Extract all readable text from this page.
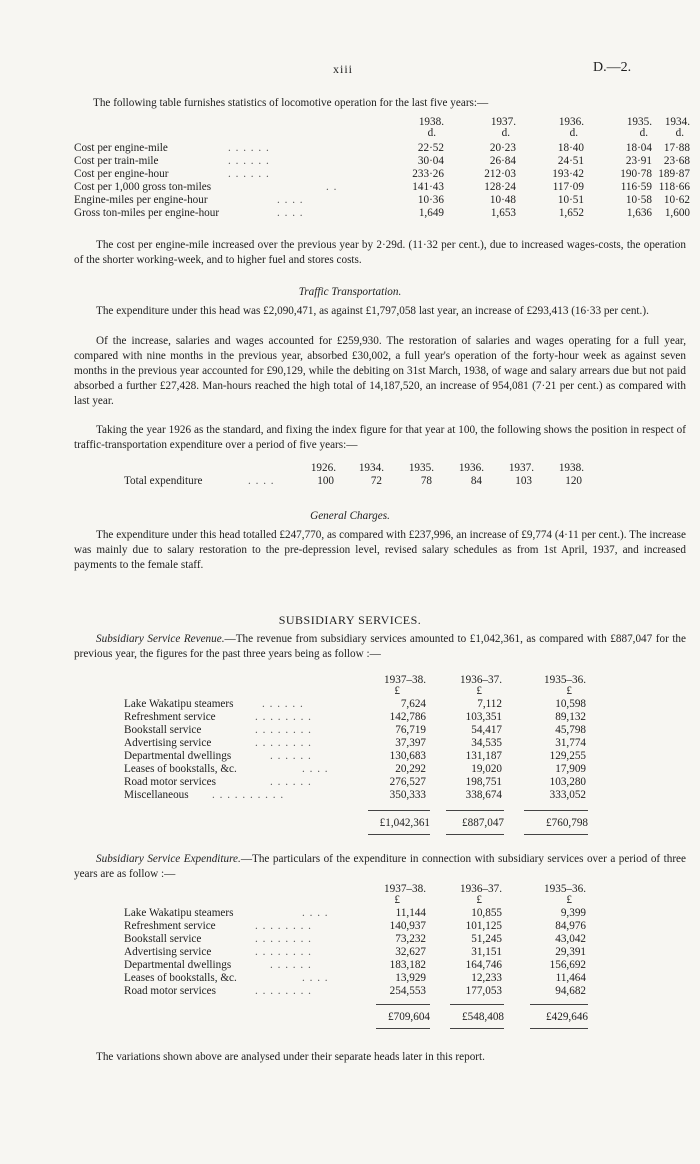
xiii	D.—2.
The following table furnishes statistics of locomotive operation for the last five years:—
1938.	1937.	1936.	1935.	1934.
d.	d.	d.	d.	d.
Cost per engine-mile	. . . . . .	22·52	20·23	18·40	18·04	17·88
Cost per train-mile	. . . . . .	30·04	26·84	24·51	23·91	23·68
Cost per engine-hour	. . . . . .	233·26	212·03	193·42	190·78 189·87
Cost per 1,000 gross ton-miles	. .	141·43	128·24	117·09	116·59 118·66
Engine-miles per engine-hour	. . . .	10·36	10·48	10·51	10·58	10·62
Gross ton-miles per engine-hour	. . . .	1,649	1,653	1,652	1,636	1,600
The cost per engine-mile increased over the previous year by 2·29d. (11·32 per cent.), due to increased wages-costs, the operation of the shorter working-week, and to higher fuel and stores costs.
Traffic Transportation.
The expenditure under this head was £2,090,471, as against £1,797,058 last year, an increase of £293,413 (16·33 per cent.).
Of the increase, salaries and wages accounted for £259,930. The restoration of salaries and wages operating for a full year, compared with nine months in the previous year, absorbed £30,002, a full year's operation of the forty-hour week as against seven months in the previous year accounted for £90,129, while the debiting on 31st March, 1938, of wage and salary arrears due but not paid absorbed a further £27,428. Man-hours reached the high total of 14,187,520, an increase of 954,081 (7·21 per cent.) as compared with last year.
Taking the year 1926 as the standard, and fixing the index figure for that year at 100, the following shows the position in respect of traffic-transportation expenditure over a period of five years:—
1926.	1934.	1935.	1936.	1937.	1938.
Total expenditure	. . . .	100	72	78	84	103	120
General Charges.
The expenditure under this head totalled £247,770, as compared with £237,996, an increase of £9,774 (4·11 per cent.). The increase was mainly due to salary restoration to the pre-depression level, revised salary schedules as from 1st April, 1937, and increased payments to the female staff.
SUBSIDIARY SERVICES.
Subsidiary Service Revenue.—The revenue from subsidiary services amounted to £1,042,361, as compared with £887,047 for the previous year, the figures for the past three years being as follow :—
1937–38.	1936–37.	1935–36.
£	£	£
Lake Wakatipu steamers	. . . . . .	7,624	7,112	10,598
Refreshment service	. . . . . . . .	142,786	103,351	89,132
Bookstall service	. . . . . . . .	76,719	54,417	45,798
Advertising service	. . . . . . . .	37,397	34,535	31,774
Departmental dwellings	. . . . . .	130,683	131,187	129,255
Leases of bookstalls, &c.	. . . .	20,292	19,020	17,909
Road motor services	. . . . . .	276,527	198,751	103,280
Miscellaneous . . . . . . . . . .	350,333	338,674	333,052
£1,042,361	£887,047	£760,798
Subsidiary Service Expenditure.—The particulars of the expenditure in connection with subsidiary services over a period of three years are as follow :—
1937–38.	1936–37.	1935–36.
£	£	£
Lake Wakatipu steamers	. . . .	11,144	10,855	9,399
Refreshment service	. . . . . . . .	140,937	101,125	84,976
Bookstall service	. . . . . . . .	73,232	51,245	43,042
Advertising service	. . . . . . . .	32,627	31,151	29,391
Departmental dwellings	. . . . . .	183,182	164,746	156,692
Leases of bookstalls, &c.	. . . .	13,929	12,233	11,464
Road motor services	. . . . . . . .	254,553	177,053	94,682
£709,604	£548,408	£429,646
The variations shown above are analysed under their separate heads later in this report.
